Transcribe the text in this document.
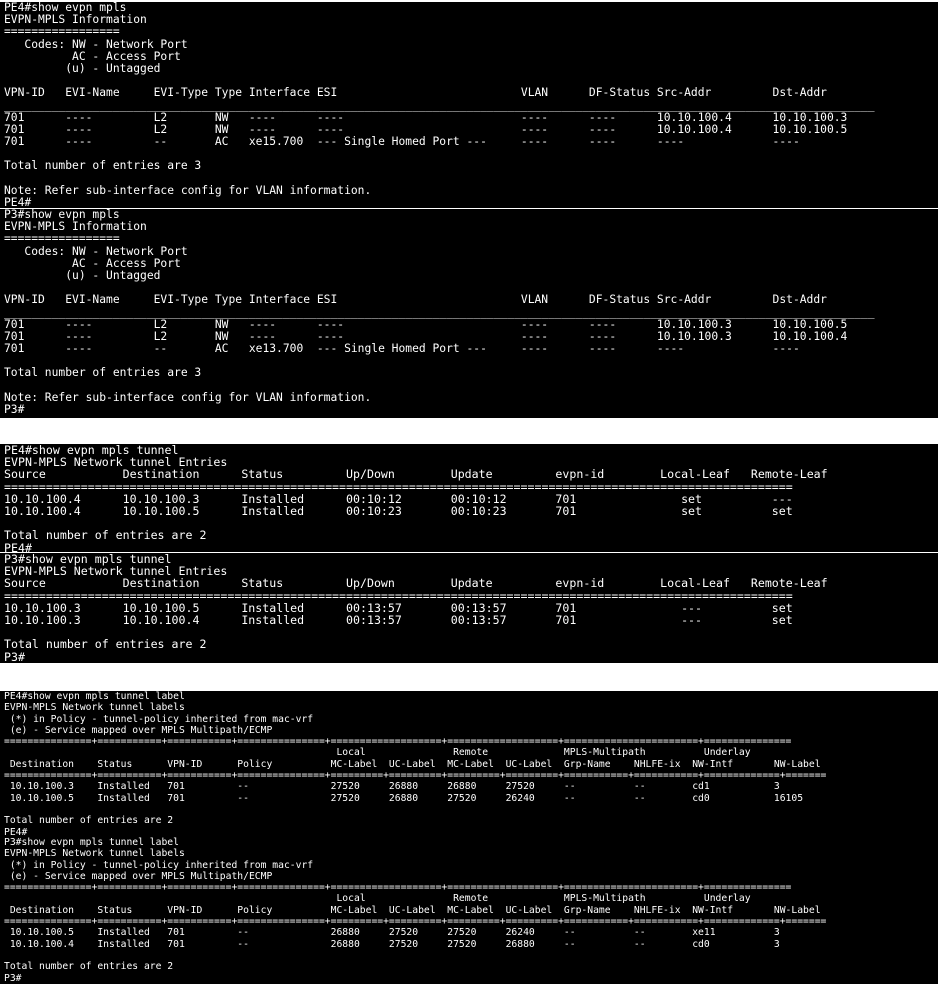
PE4#show evpn mpls
EVPN-MPLS Information
=================
Codes: NW - Network Port
AC - Access Port
(u) - Untagged
VPN-ID   EVI-Name     EVI-Type Type Interface ESI                           VLAN      DF-Status Src-Addr         Dst-Addr
________________________________________________________________________________________________________________________________
701      ----         L2       NW   ----      ----                          ----      ----      10.10.100.4      10.10.100.3
701      ----         L2       NW   ----      ----                          ----      ----      10.10.100.4      10.10.100.5
701      ----         --       AC   xe15.700  --- Single Homed Port ---     ----      ----      ----             ----
Total number of entries are 3
Note: Refer sub-interface config for VLAN information.
PE4#
P3#show evpn mpls
EVPN-MPLS Information
=================
Codes: NW - Network Port
AC - Access Port
(u) - Untagged
VPN-ID   EVI-Name     EVI-Type Type Interface ESI                           VLAN      DF-Status Src-Addr         Dst-Addr
________________________________________________________________________________________________________________________________
701      ----         L2       NW   ----      ----                          ----      ----      10.10.100.3      10.10.100.5
701      ----         L2       NW   ----      ----                          ----      ----      10.10.100.3      10.10.100.4
701      ----         --       AC   xe13.700  --- Single Homed Port ---     ----      ----      ----             ----
Total number of entries are 3
Note: Refer sub-interface config for VLAN information.
P3#
PE4#show evpn mpls tunnel
EVPN-MPLS Network tunnel Entries
Source           Destination      Status         Up/Down        Update         evpn-id        Local-Leaf   Remote-Leaf
=================================================================================================================
10.10.100.4      10.10.100.3      Installed      00:10:12       00:10:12       701               set          ---
10.10.100.4      10.10.100.5      Installed      00:10:23       00:10:23       701               set          set
Total number of entries are 2
PE4#
P3#show evpn mpls tunnel
EVPN-MPLS Network tunnel Entries
Source           Destination      Status         Up/Down        Update         evpn-id        Local-Leaf   Remote-Leaf
=================================================================================================================
10.10.100.3      10.10.100.5      Installed      00:13:57       00:13:57       701               ---          set
10.10.100.3      10.10.100.4      Installed      00:13:57       00:13:57       701               ---          set
Total number of entries are 2
P3#
PE4#show evpn mpls tunnel label
EVPN-MPLS Network tunnel labels
(*) in Policy - tunnel-policy inherited from mac-vrf
(e) - Service mapped over MPLS Multipath/ECMP
===============+===========+===========+===============+===================+===================+=======================+===============
Local               Remote             MPLS-Multipath          Underlay
Destination    Status      VPN-ID      Policy          MC-Label  UC-Label  MC-Label  UC-Label  Grp-Name    NHLFE-ix  NW-Intf       NW-Label
===============+===========+===========+===============+=========+=========+=========+=========+===========+===========+=============+=======
10.10.100.3    Installed   701         --              27520     26880     26880     27520     --          --        cd1           3
10.10.100.5    Installed   701         --              27520     26880     27520     26240     --          --        cd0           16105
Total number of entries are 2
PE4#
P3#show evpn mpls tunnel label
EVPN-MPLS Network tunnel labels
(*) in Policy - tunnel-policy inherited from mac-vrf
(e) - Service mapped over MPLS Multipath/ECMP
===============+===========+===========+===============+===================+===================+=======================+===============
Local               Remote             MPLS-Multipath          Underlay
Destination    Status      VPN-ID      Policy          MC-Label  UC-Label  MC-Label  UC-Label  Grp-Name    NHLFE-ix  NW-Intf       NW-Label
===============+===========+===========+===============+=========+=========+=========+=========+===========+===========+=============+=======
10.10.100.5    Installed   701         --              26880     27520     27520     26240     --          --        xe11          3
10.10.100.4    Installed   701         --              26880     27520     27520     26880     --          --        cd0           3
Total number of entries are 2
P3#
